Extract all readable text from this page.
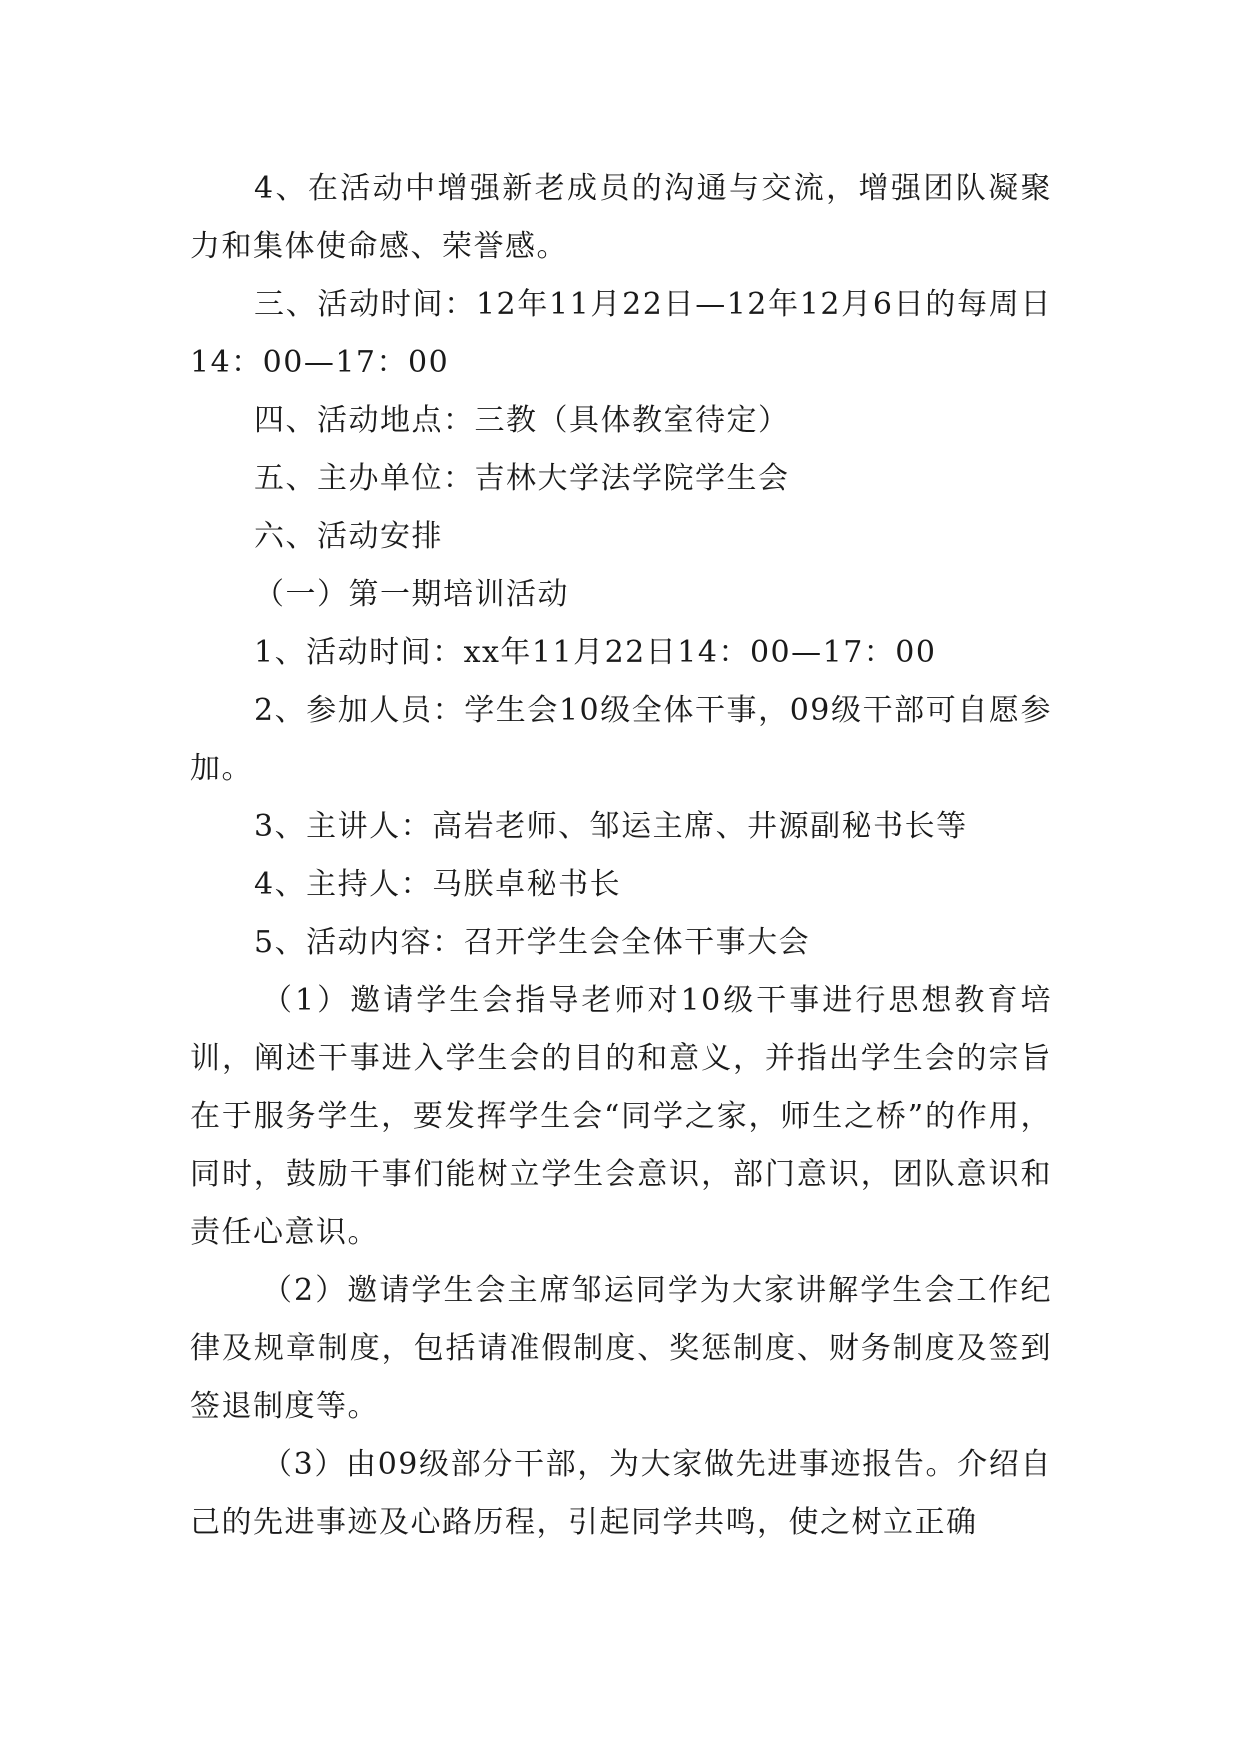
4、在活动中增强新老成员的沟通与交流，增强团队凝聚力和集体使命感、荣誉感。

三、活动时间：12年11月22日—12年12月6日的每周日14：00—17：00

四、活动地点：三教（具体教室待定）

五、主办单位：吉林大学法学院学生会

六、活动安排

（一）第一期培训活动

1、活动时间：xx年11月22日14：00—17：00

2、参加人员：学生会10级全体干事，09级干部可自愿参加。

3、主讲人：高岩老师、邹运主席、井源副秘书长等

4、主持人：马朕卓秘书长

5、活动内容：召开学生会全体干事大会

（1）邀请学生会指导老师对10级干事进行思想教育培训，阐述干事进入学生会的目的和意义，并指出学生会的宗旨在于服务学生，要发挥学生会“同学之家，师生之桥”的作用，同时，鼓励干事们能树立学生会意识，部门意识，团队意识和责任心意识。

（2）邀请学生会主席邹运同学为大家讲解学生会工作纪律及规章制度，包括请准假制度、奖惩制度、财务制度及签到签退制度等。

（3）由09级部分干部，为大家做先进事迹报告。介绍自己的先进事迹及心路历程，引起同学共鸣，使之树立正确
